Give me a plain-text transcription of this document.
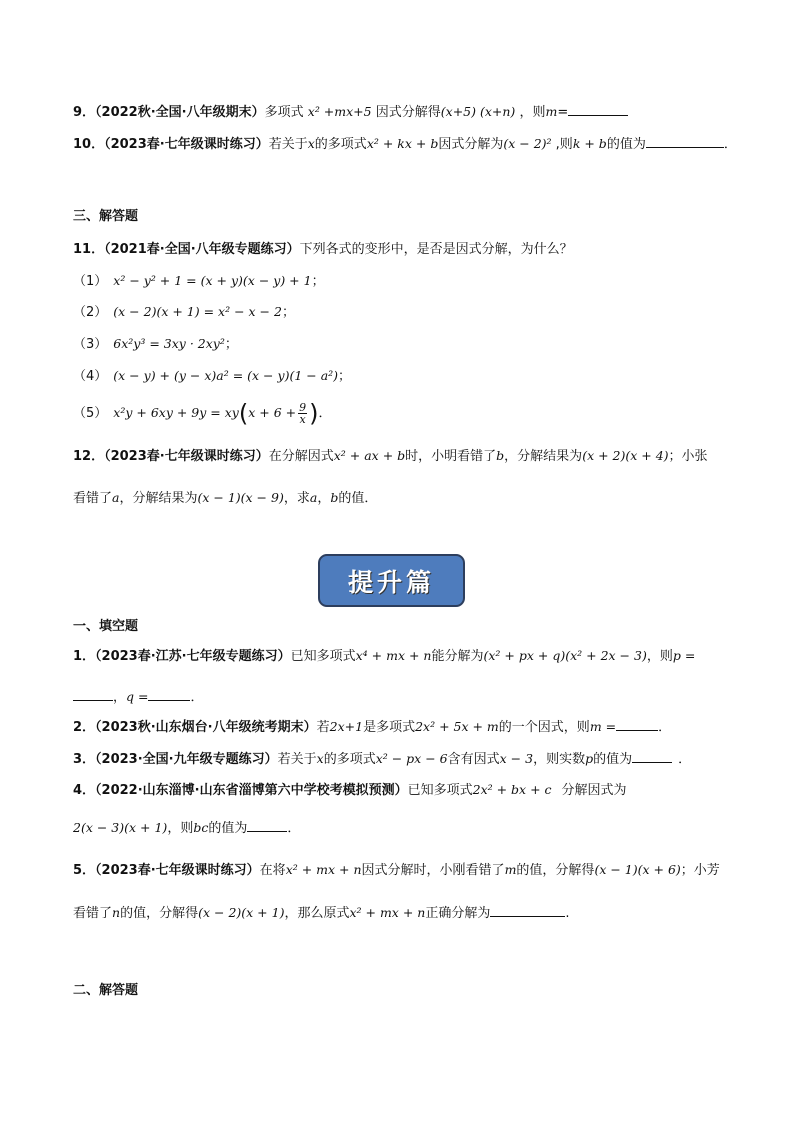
9．（2022秋·全国·八年级期末）多项式 x² +mx+5 因式分解得(x+5) (x+n) ，则m=
10．（2023春·七年级课时练习）若关于x的多项式x² + kx + b因式分解为(x − 2)² ,则k + b的值为	．
三、解答题
11．（2021春·全国·八年级专题练习）下列各式的变形中，是否是因式分解，为什么？
（1） x² − y² + 1 = (x + y)(x − y) + 1；
（2） (x − 2)(x + 1) = x² − x − 2；
（3） 6x²y³ = 3xy · 2xy²；
（4） (x − y) + (y − x)a² = (x − y)(1 − a²)；
（5） $x^2y + 6xy + 9y = xy(x + 6 + \frac{9}{x}$ )．
12．（2023春·七年级课时练习）在分解因式x² + ax + b时，小明看错了b，分解结果为(x + 2)(x + 4)；小张
看错了a，分解结果为(x − 1)(x − 9)，求a，b的值．
提升篇
一、填空题
1．（2023春·江苏·七年级专题练习）已知多项式x⁴ + mx + n能分解为(x² + px + q)(x² + 2x − 3)，则p =
，q =	．
2．（2023秋·山东烟台·八年级统考期末）若2x+1是多项式2x² + 5x + m的一个因式，则m =	．
3．（2023·全国·九年级专题练习）若关于x的多项式x² − px − 6含有因式x − 3，则实数p的值为	．
4．（2022·山东淄博·山东省淄博第六中学校考模拟预测）已知多项式2x² + bx + c 分解因式为
2(x − 3)(x + 1)，则bc的值为	．
5．（2023春·七年级课时练习）在将x² + mx + n因式分解时，小刚看错了m的值，分解得(x − 1)(x + 6)；小芳
看错了n的值，分解得(x − 2)(x + 1)，那么原式x² + mx + n正确分解为	.
二、解答题
